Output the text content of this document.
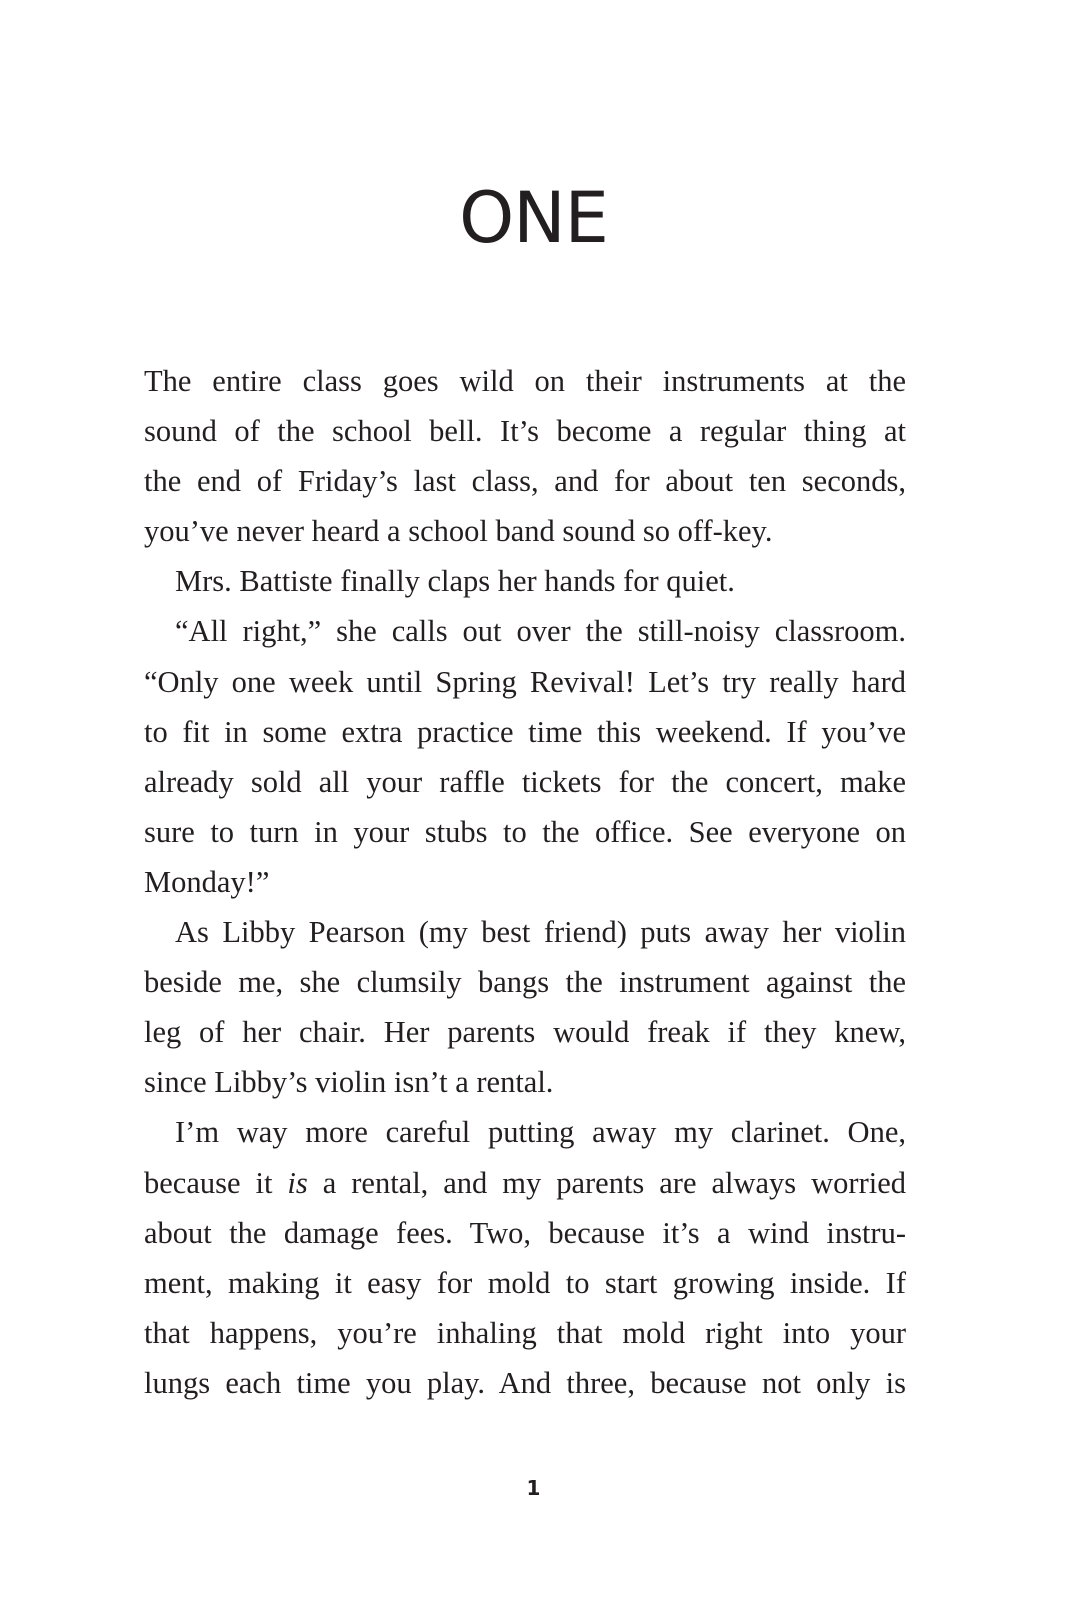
ONE
The entire class goes wild on their instruments at the
sound of the school bell. It’s become a regular thing at
the end of Friday’s last class, and for about ten seconds,
you’ve never heard a school band sound so off-key.
Mrs. Battiste finally claps her hands for quiet.
“All right,” she calls out over the still-noisy classroom.
“Only one week until Spring Revival! Let’s try really hard
to fit in some extra practice time this weekend. If you’ve
already sold all your raffle tickets for the concert, make
sure to turn in your stubs to the office. See everyone on
Monday!”
As Libby Pearson (my best friend) puts away her violin
beside me, she clumsily bangs the instrument against the
leg of her chair. Her parents would freak if they knew,
since Libby’s violin isn’t a rental.
I’m way more careful putting away my clarinet. One,
because it is a rental, and my parents are always worried
about the damage fees. Two, because it’s a wind instru-
ment, making it easy for mold to start growing inside. If
that happens, you’re inhaling that mold right into your
lungs each time you play. And three, because not only is
1
